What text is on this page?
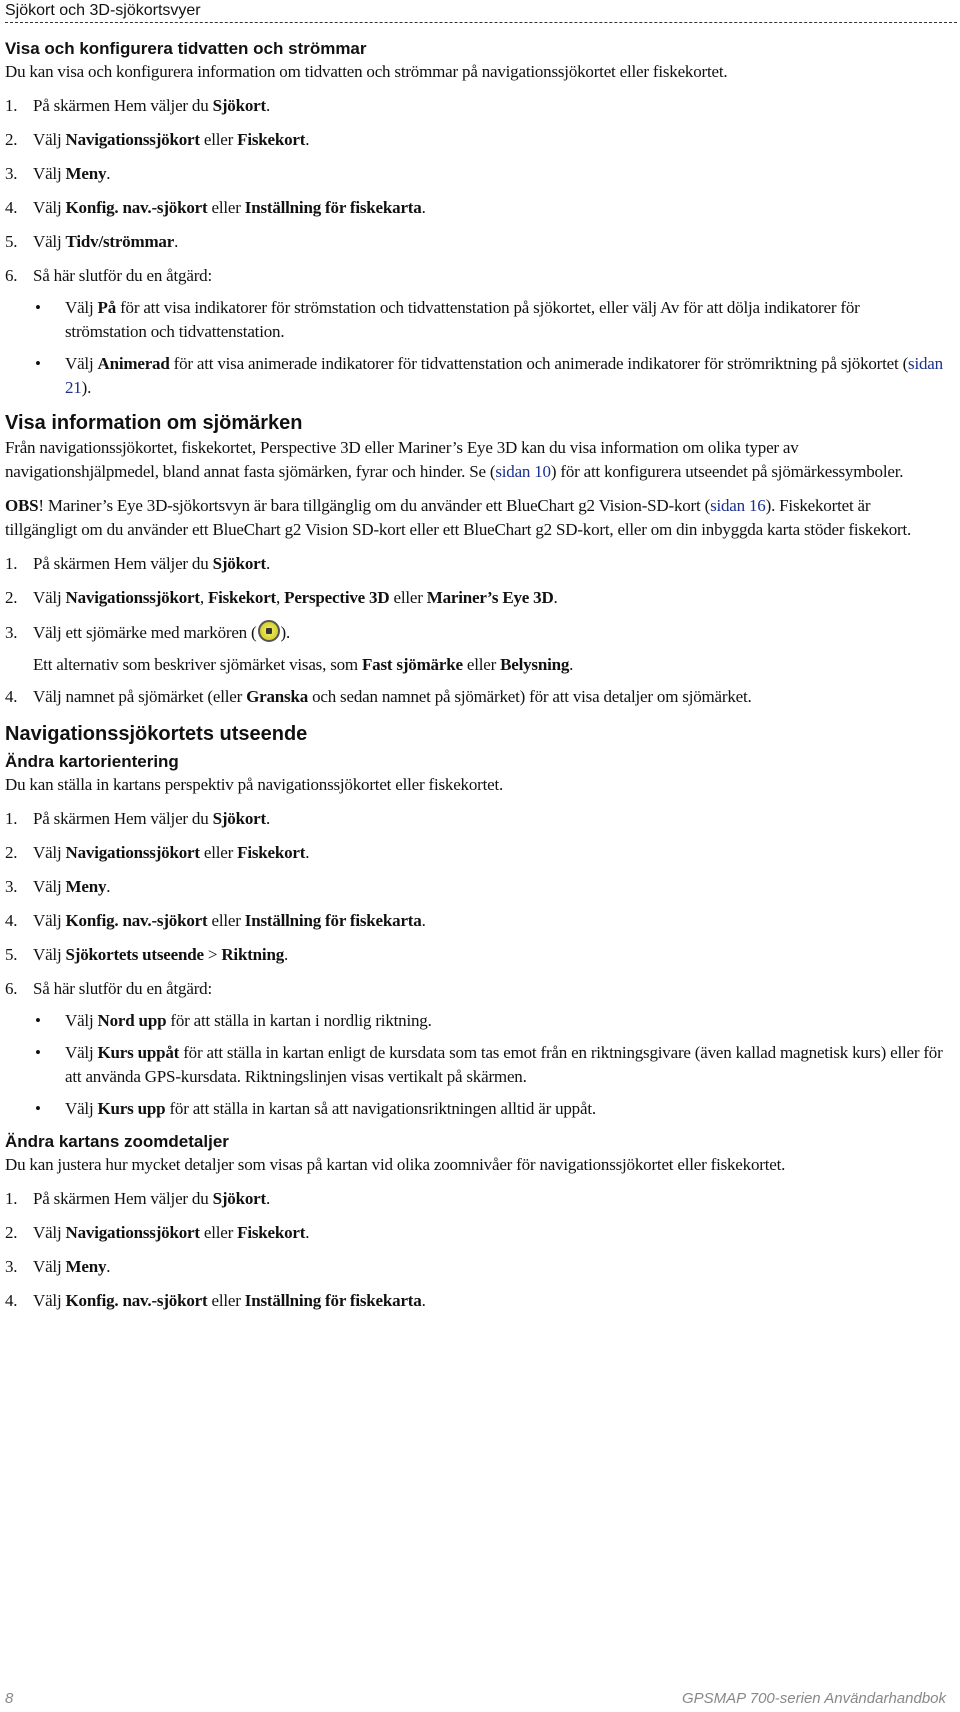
Sjökort och 3D-sjökortsvyer
Visa och konfigurera tidvatten och strömmar

Du kan visa och konfigurera information om tidvatten och strömmar på navigationssjökortet eller fiskekortet.

1. På skärmen Hem väljer du Sjökort.

2. Välj Navigationssjökort eller Fiskekort.

3. Välj Meny.

4. Välj Konfig. nav.-sjökort eller Inställning för fiskekarta.

5. Välj Tidv/strömmar.

6. Så här slutför du en åtgärd:

• Välj På för att visa indikatorer för strömstation och tidvattenstation på sjökortet, eller välj Av för att dölja indikatorer för strömstation och tidvattenstation.
• Välj Animerad för att visa animerade indikatorer för tidvattenstation och animerade indikatorer för strömriktning på sjökortet (sidan 21).
Visa information om sjömärken

Från navigationssjökortet, fiskekortet, Perspective 3D eller Mariner’s Eye 3D kan du visa information om olika typer av navigationshjälpmedel, bland annat fasta sjömärken, fyrar och hinder. Se (sidan 10) för att konfigurera utseendet på sjömärkessymboler.

OBS! Mariner’s Eye 3D-sjökortsvyn är bara tillgänglig om du använder ett BlueChart g2 Vision-SD-kort (sidan 16). Fiskekortet är tillgängligt om du använder ett BlueChart g2 Vision SD-kort eller ett BlueChart g2 SD-kort, eller om din inbyggda karta stöder fiskekort.

1. På skärmen Hem väljer du Sjökort.

2. Välj Navigationssjökort, Fiskekort, Perspective 3D eller Mariner’s Eye 3D.

3. Välj ett sjömärke med markören ( ).

Ett alternativ som beskriver sjömärket visas, som Fast sjömärke eller Belysning.

4. Välj namnet på sjömärket (eller Granska och sedan namnet på sjömärket) för att visa detaljer om sjömärket.

Navigationssjökortets utseende
Ändra kartorientering

Du kan ställa in kartans perspektiv på navigationssjökortet eller fiskekortet.

1. På skärmen Hem väljer du Sjökort.

2. Välj Navigationssjökort eller Fiskekort.

3. Välj Meny.

4. Välj Konfig. nav.-sjökort eller Inställning för fiskekarta.

5. Välj Sjökortets utseende > Riktning.

6. Så här slutför du en åtgärd:

• Välj Nord upp för att ställa in kartan i nordlig riktning.
• Välj Kurs uppåt för att ställa in kartan enligt de kursdata som tas emot från en riktningsgivare (även kallad magnetisk kurs) eller för att använda GPS-kursdata. Riktningslinjen visas vertikalt på skärmen.
• Välj Kurs upp för att ställa in kartan så att navigationsriktningen alltid är uppåt.
Ändra kartans zoomdetaljer

Du kan justera hur mycket detaljer som visas på kartan vid olika zoomnivåer för navigationssjökortet eller fiskekortet.

1. På skärmen Hem väljer du Sjökort.

2. Välj Navigationssjökort eller Fiskekort.

3. Välj Meny.

4. Välj Konfig. nav.-sjökort eller Inställning för fiskekarta.

8	GPSMAP 700-serien Användarhandbok
